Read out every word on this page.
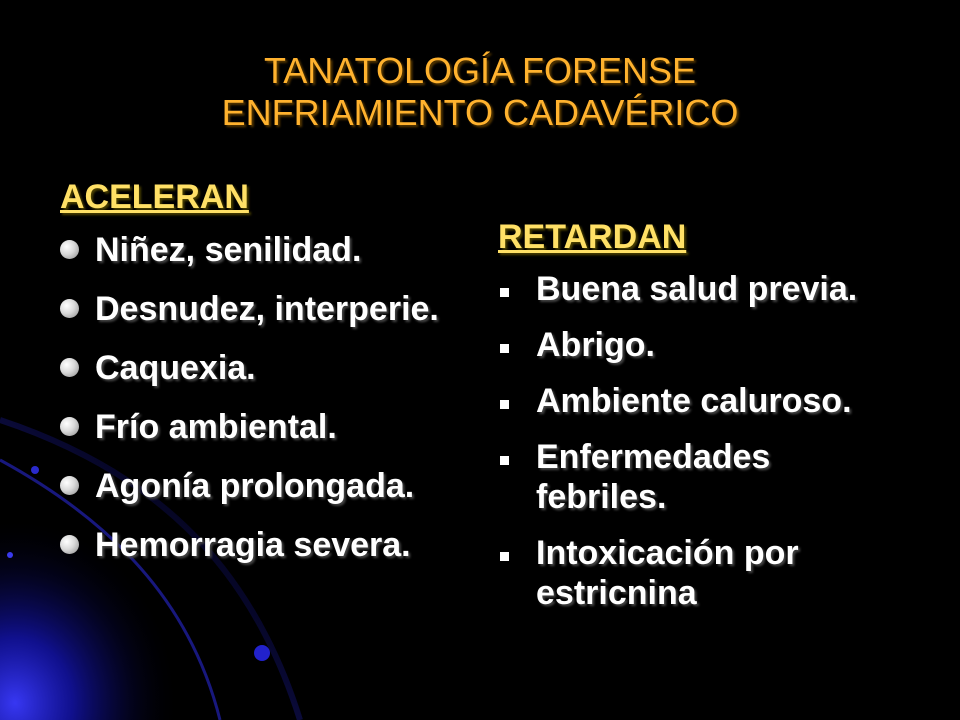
TANATOLOGÍA FORENSE
ENFRIAMIENTO CADAVÉRICO
ACELERAN
Niñez, senilidad.
Desnudez, interperie.
Caquexia.
Frío ambiental.
Agonía prolongada.
Hemorragia severa.
RETARDAN
Buena salud previa.
Abrigo.
Ambiente caluroso.
Enfermedades febriles.
Intoxicación por estricnina
